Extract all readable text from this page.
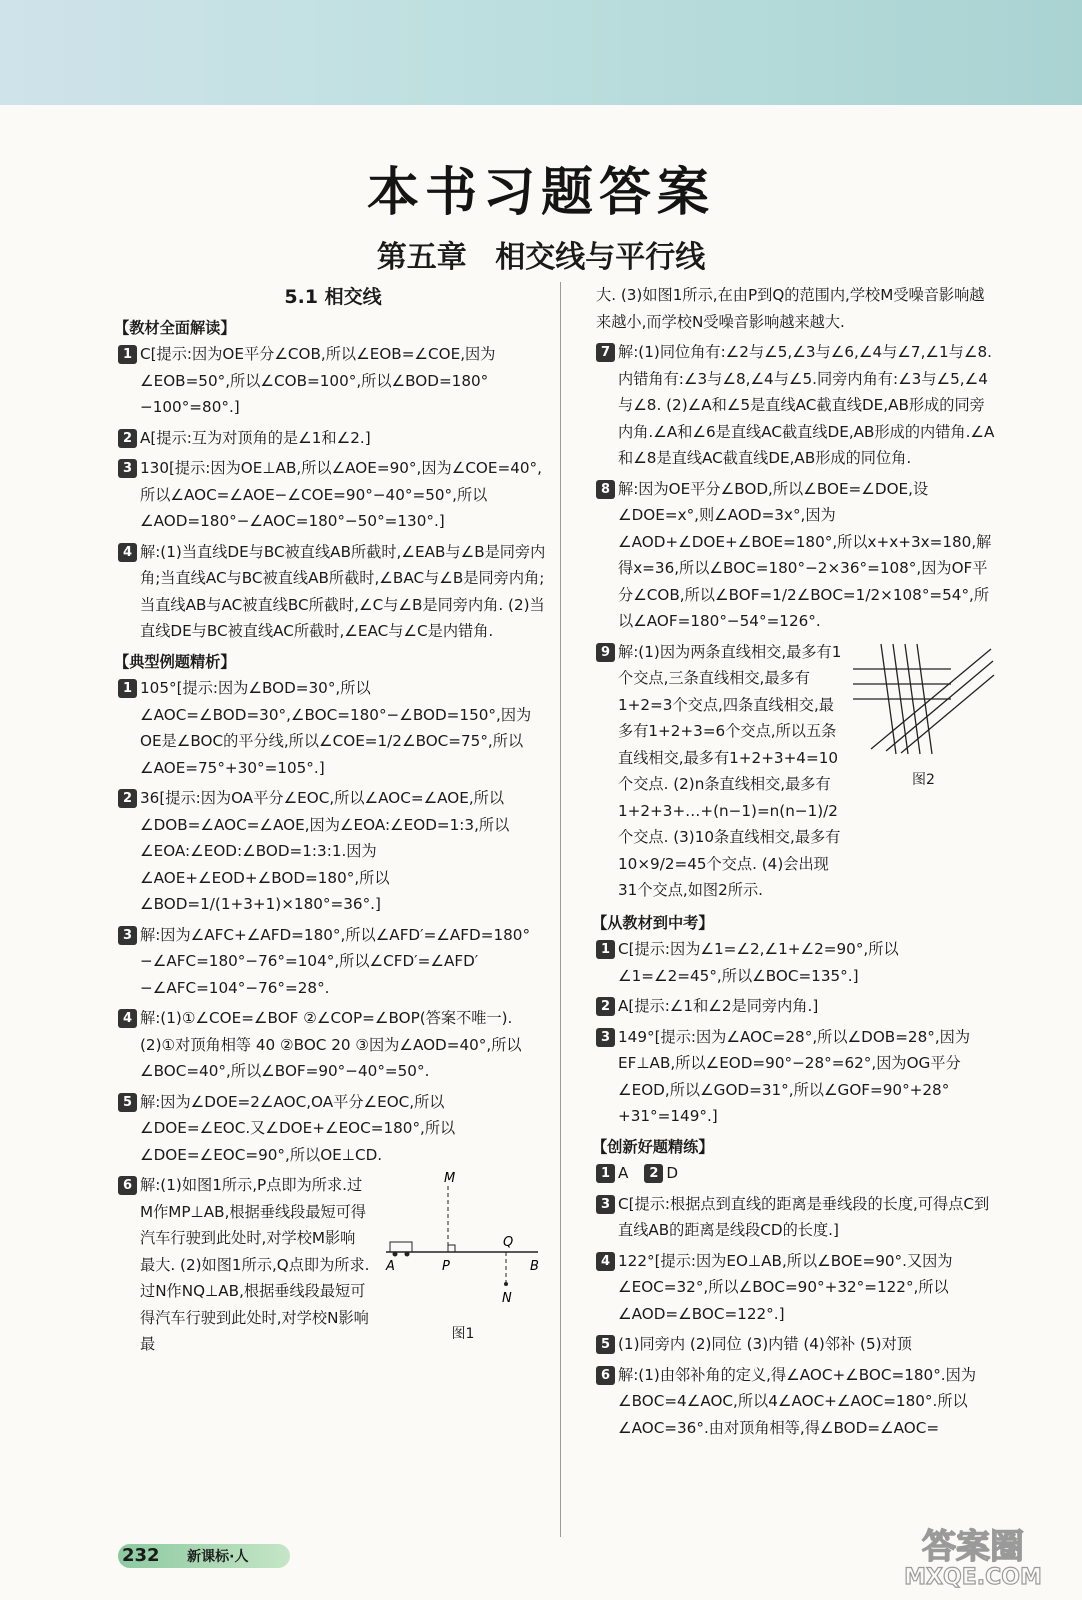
本书习题答案
第五章 相交线与平行线
5.1 相交线
【教材全面解读】
1 C[提示:因为OE平分∠COB,所以∠EOB=∠COE,因为∠EOB=50°,所以∠COB=100°,所以∠BOD=180°−100°=80°.]
2 A[提示:互为对顶角的是∠1和∠2.]
3 130[提示:因为OE⊥AB,所以∠AOE=90°,因为∠COE=40°,所以∠AOC=∠AOE−∠COE=90°−40°=50°,所以∠AOD=180°−∠AOC=180°−50°=130°.]
4 解:(1)当直线DE与BC被直线AB所截时,∠EAB与∠B是同旁内角;当直线AC与BC被直线AB所截时,∠BAC与∠B是同旁内角;当直线AB与AC被直线BC所截时,∠C与∠B是同旁内角. (2)当直线DE与BC被直线AC所截时,∠EAC与∠C是内错角.
【典型例题精析】
1 105°[提示:因为∠BOD=30°,所以∠AOC=∠BOD=30°,∠BOC=180°−∠BOD=150°,因为OE是∠BOC的平分线,所以∠COE=1/2∠BOC=75°,所以∠AOE=75°+30°=105°.]
2 36[提示:因为OA平分∠EOC,所以∠AOC=∠AOE,所以∠DOB=∠AOC=∠AOE,因为∠EOA:∠EOD=1:3,所以∠EOA:∠EOD:∠BOD=1:3:1.因为∠AOE+∠EOD+∠BOD=180°,所以∠BOD=1/(1+3+1)×180°=36°.]
3 解:因为∠AFC+∠AFD=180°,所以∠AFD′=∠AFD=180°−∠AFC=180°−76°=104°,所以∠CFD′=∠AFD′−∠AFC=104°−76°=28°.
4 解:(1)①∠COE=∠BOF ②∠COP=∠BOP(答案不唯一). (2)①对顶角相等 40 ②BOC 20 ③因为∠AOD=40°,所以∠BOC=40°,所以∠BOF=90°−40°=50°.
5 解:因为∠DOE=2∠AOC,OA平分∠EOC,所以∠DOE=∠EOC.又∠DOE+∠EOC=180°,所以∠DOE=∠EOC=90°,所以OE⊥CD.
6 解:(1)如图1所示,P点即为所求.过M作MP⊥AB,根据垂线段最短可得汽车行驶到此处时,对学校M影响最大. (2)如图1所示,Q点即为所求.过N作NQ⊥AB,根据垂线段最短可得汽车行驶到此处时,对学校N影响最
M
A	P
Q
B
N
图1
大. (3)如图1所示,在由P到Q的范围内,学校M受噪音影响越来越小,而学校N受噪音影响越来越大.
7 解:(1)同位角有:∠2与∠5,∠3与∠6,∠4与∠7,∠1与∠8.内错角有:∠3与∠8,∠4与∠5.同旁内角有:∠3与∠5,∠4与∠8. (2)∠A和∠5是直线AC截直线DE,AB形成的同旁内角.∠A和∠6是直线AC截直线DE,AB形成的内错角.∠A和∠8是直线AC截直线DE,AB形成的同位角.
8 解:因为OE平分∠BOD,所以∠BOE=∠DOE,设∠DOE=x°,则∠AOD=3x°,因为∠AOD+∠DOE+∠BOE=180°,所以x+x+3x=180,解得x=36,所以∠BOC=180°−2×36°=108°,因为OF平分∠COB,所以∠BOF=1/2∠BOC=1/2×108°=54°,所以∠AOF=180°−54°=126°.
9 解:(1)因为两条直线相交,最多有1个交点,三条直线相交,最多有1+2=3个交点,四条直线相交,最多有1+2+3=6个交点,所以五条直线相交,最多有1+2+3+4=10个交点. (2)n条直线相交,最多有1+2+3+…+(n−1)=n(n−1)/2个交点. (3)10条直线相交,最多有10×9/2=45个交点. (4)会出现31个交点,如图2所示.
图2
【从教材到中考】
1 C[提示:因为∠1=∠2,∠1+∠2=90°,所以∠1=∠2=45°,所以∠BOC=135°.]
2 A[提示:∠1和∠2是同旁内角.]
3 149°[提示:因为∠AOC=28°,所以∠DOB=28°,因为EF⊥AB,所以∠EOD=90°−28°=62°,因为OG平分∠EOD,所以∠GOD=31°,所以∠GOF=90°+28°+31°=149°.]
【创新好题精练】
1 A 2 D
3 C[提示:根据点到直线的距离是垂线段的长度,可得点C到直线AB的距离是线段CD的长度.]
4 122°[提示:因为EO⊥AB,所以∠BOE=90°.又因为∠EOC=32°,所以∠BOC=90°+32°=122°,所以∠AOD=∠BOC=122°.]
5 (1)同旁内 (2)同位 (3)内错 (4)邻补 (5)对顶
6 解:(1)由邻补角的定义,得∠AOC+∠BOC=180°.因为∠BOC=4∠AOC,所以4∠AOC+∠AOC=180°.所以∠AOC=36°.由对顶角相等,得∠BOD=∠AOC=
232 新课标·人	答案圈
MXQE.COM
